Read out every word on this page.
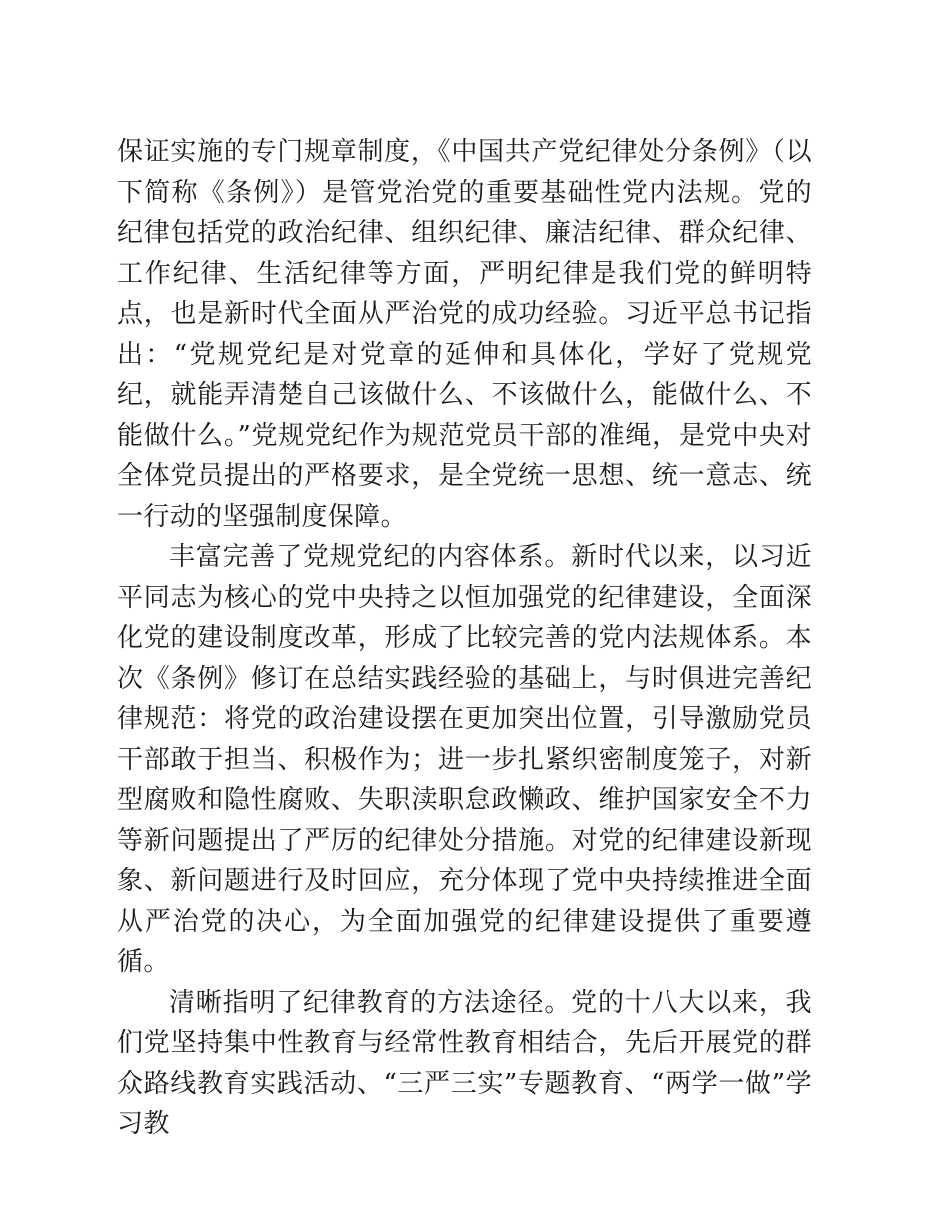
保证实施的专门规章制度，《中国共产党纪律处分条例》（以下简称《条例》）是管党治党的重要基础性党内法规。党的纪律包括党的政治纪律、组织纪律、廉洁纪律、群众纪律、工作纪律、生活纪律等方面，严明纪律是我们党的鲜明特点，也是新时代全面从严治党的成功经验。习近平总书记指出：“党规党纪是对党章的延伸和具体化，学好了党规党纪，就能弄清楚自己该做什么、不该做什么，能做什么、不能做什么。”党规党纪作为规范党员干部的准绳，是党中央对全体党员提出的严格要求，是全党统一思想、统一意志、统一行动的坚强制度保障。

丰富完善了党规党纪的内容体系。新时代以来，以习近平同志为核心的党中央持之以恒加强党的纪律建设，全面深化党的建设制度改革，形成了比较完善的党内法规体系。本次《条例》修订在总结实践经验的基础上，与时俱进完善纪律规范：将党的政治建设摆在更加突出位置，引导激励党员干部敢于担当、积极作为；进一步扎紧织密制度笼子，对新型腐败和隐性腐败、失职渎职怠政懒政、维护国家安全不力等新问题提出了严厉的纪律处分措施。对党的纪律建设新现象、新问题进行及时回应，充分体现了党中央持续推进全面从严治党的决心，为全面加强党的纪律建设提供了重要遵循。

清晰指明了纪律教育的方法途径。党的十八大以来，我们党坚持集中性教育与经常性教育相结合，先后开展党的群众路线教育实践活动、“三严三实”专题教育、“两学一做”学习教
